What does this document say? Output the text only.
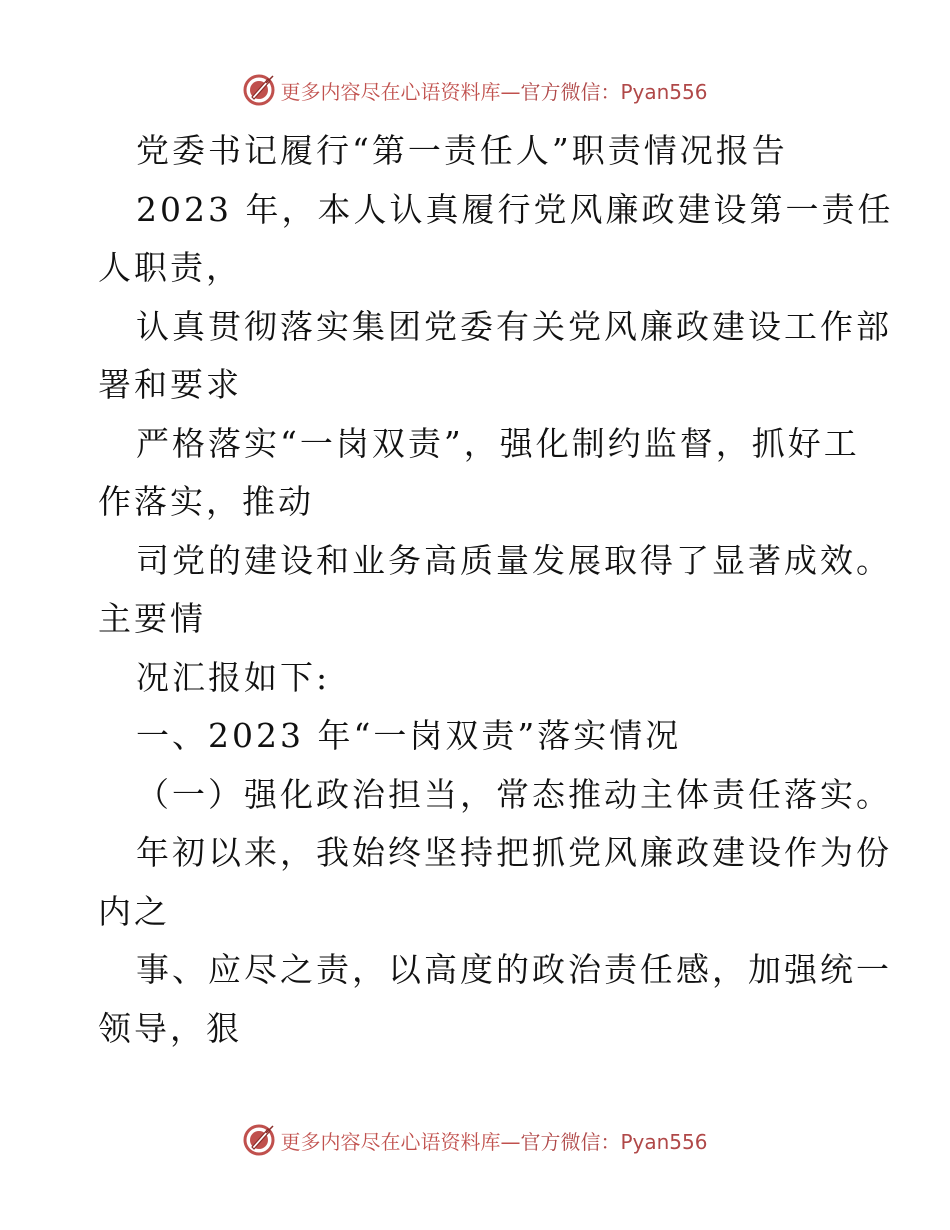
更多内容尽在心语资料库—官方微信：Pyan556
党委书记履行“第一责任人”职责情况报告
2023 年，本人认真履行党风廉政建设第一责任
人职责，
认真贯彻落实集团党委有关党风廉政建设工作部
署和要求
严格落实“一岗双责”，强化制约监督，抓好工
作落实，推动
司党的建设和业务高质量发展取得了显著成效。
主要情
况汇报如下:
一、2023 年“一岗双责”落实情况
（一）强化政治担当，常态推动主体责任落实。
年初以来，我始终坚持把抓党风廉政建设作为份
内之
事、应尽之责，以高度的政治责任感，加强统一
领导，狠
更多内容尽在心语资料库—官方微信：Pyan556
